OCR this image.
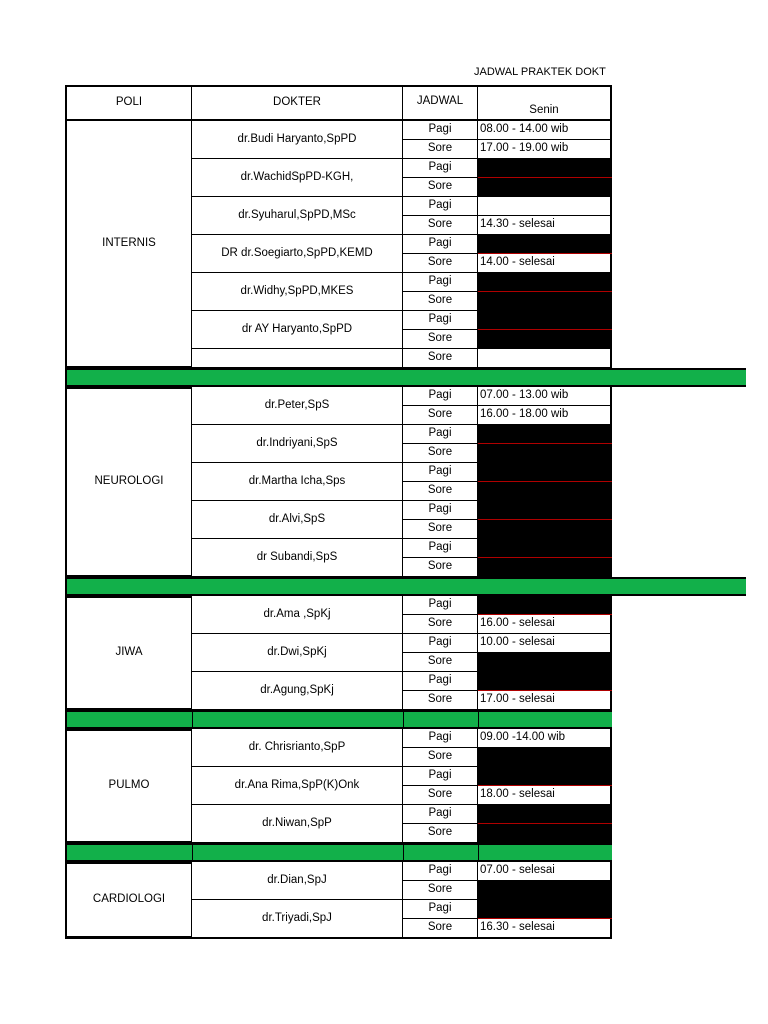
JADWAL PRAKTEK DOKT
POLI	DOKTER	JADWAL
Senin
INTERNIS
dr.Budi Haryanto,SpPD
Pagi	08.00 - 14.00 wib
Sore	17.00 - 19.00 wib
dr.WachidSpPD-KGH,
Pagi
Sore
dr.Syuharul,SpPD,MSc
Pagi
Sore	14.30 - selesai
DR dr.Soegiarto,SpPD,KEMD
Pagi
Sore	14.00 - selesai
dr.Widhy,SpPD,MKES
Pagi
Sore
dr AY Haryanto,SpPD
Pagi
Sore
Sore
NEUROLOGI
dr.Peter,SpS
Pagi	07.00 - 13.00 wib
Sore	16.00 - 18.00 wib
dr.Indriyani,SpS
Pagi
Sore
dr.Martha Icha,Sps
Pagi
Sore
dr.Alvi,SpS
Pagi
Sore
dr Subandi,SpS
Pagi
Sore
JIWA
dr.Ama ,SpKj
Pagi
Sore	16.00 - selesai
dr.Dwi,SpKj
Pagi	10.00 - selesai
Sore
dr.Agung,SpKj
Pagi
Sore	17.00 - selesai
PULMO
dr. Chrisrianto,SpP
Pagi	09.00 -14.00 wib
Sore
dr.Ana Rima,SpP(K)Onk
Pagi
Sore	18.00 - selesai
dr.Niwan,SpP
Pagi
Sore
CARDIOLOGI
dr.Dian,SpJ
Pagi	07.00 - selesai
Sore
dr.Triyadi,SpJ
Pagi
Sore	16.30 - selesai
